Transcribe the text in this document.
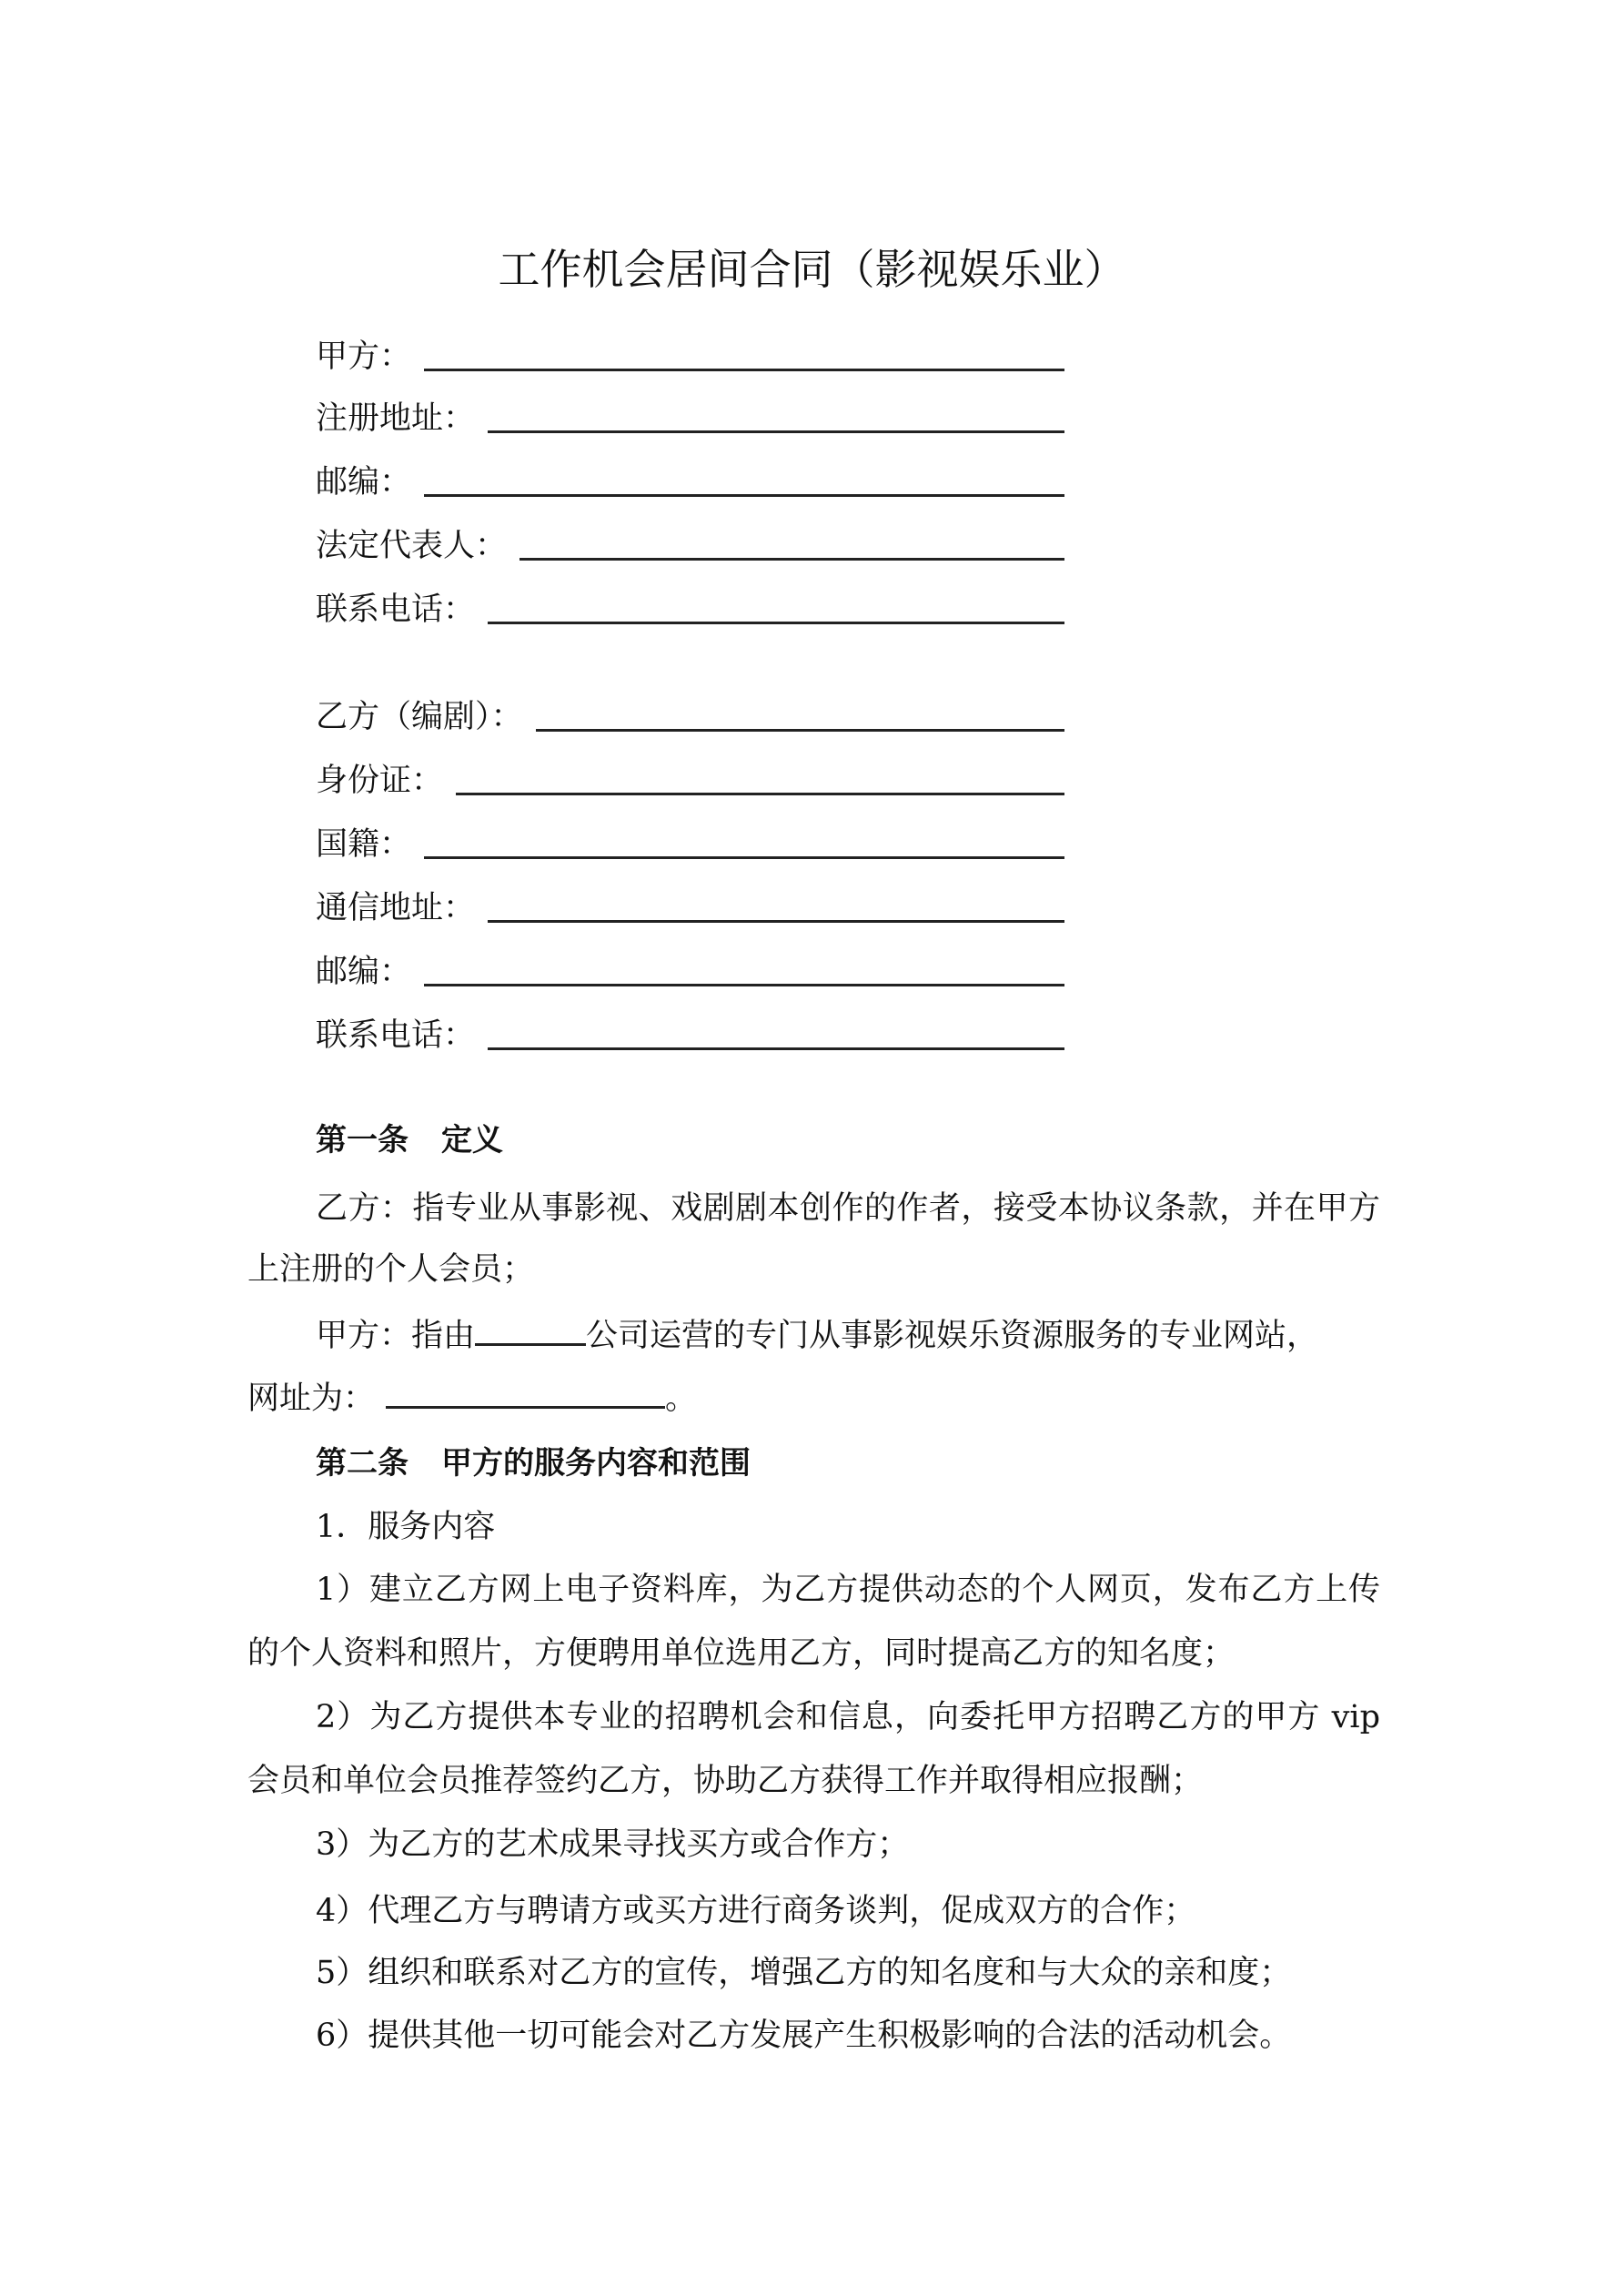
工作机会居间合同（影视娱乐业）
甲方：
注册地址：
邮编：
法定代表人：
联系电话：
乙方（编剧）：
身份证：
国籍：
通信地址：
邮编：
联系电话：
第一条 定义
乙方：指专业从事影视、戏剧剧本创作的作者，接受本协议条款，并在甲方
上注册的个人会员；
甲方：指由	公司运营的专门从事影视娱乐资源服务的专业网站，
网址为：	。
第二条 甲方的服务内容和范围
1．服务内容
1）建立乙方网上电子资料库，为乙方提供动态的个人网页，发布乙方上传
的个人资料和照片，方便聘用单位选用乙方，同时提高乙方的知名度；
2）为乙方提供本专业的招聘机会和信息，向委托甲方招聘乙方的甲方 vip
会员和单位会员推荐签约乙方，协助乙方获得工作并取得相应报酬；
3）为乙方的艺术成果寻找买方或合作方；
4）代理乙方与聘请方或买方进行商务谈判，促成双方的合作；
5）组织和联系对乙方的宣传，增强乙方的知名度和与大众的亲和度；
6）提供其他一切可能会对乙方发展产生积极影响的合法的活动机会。
